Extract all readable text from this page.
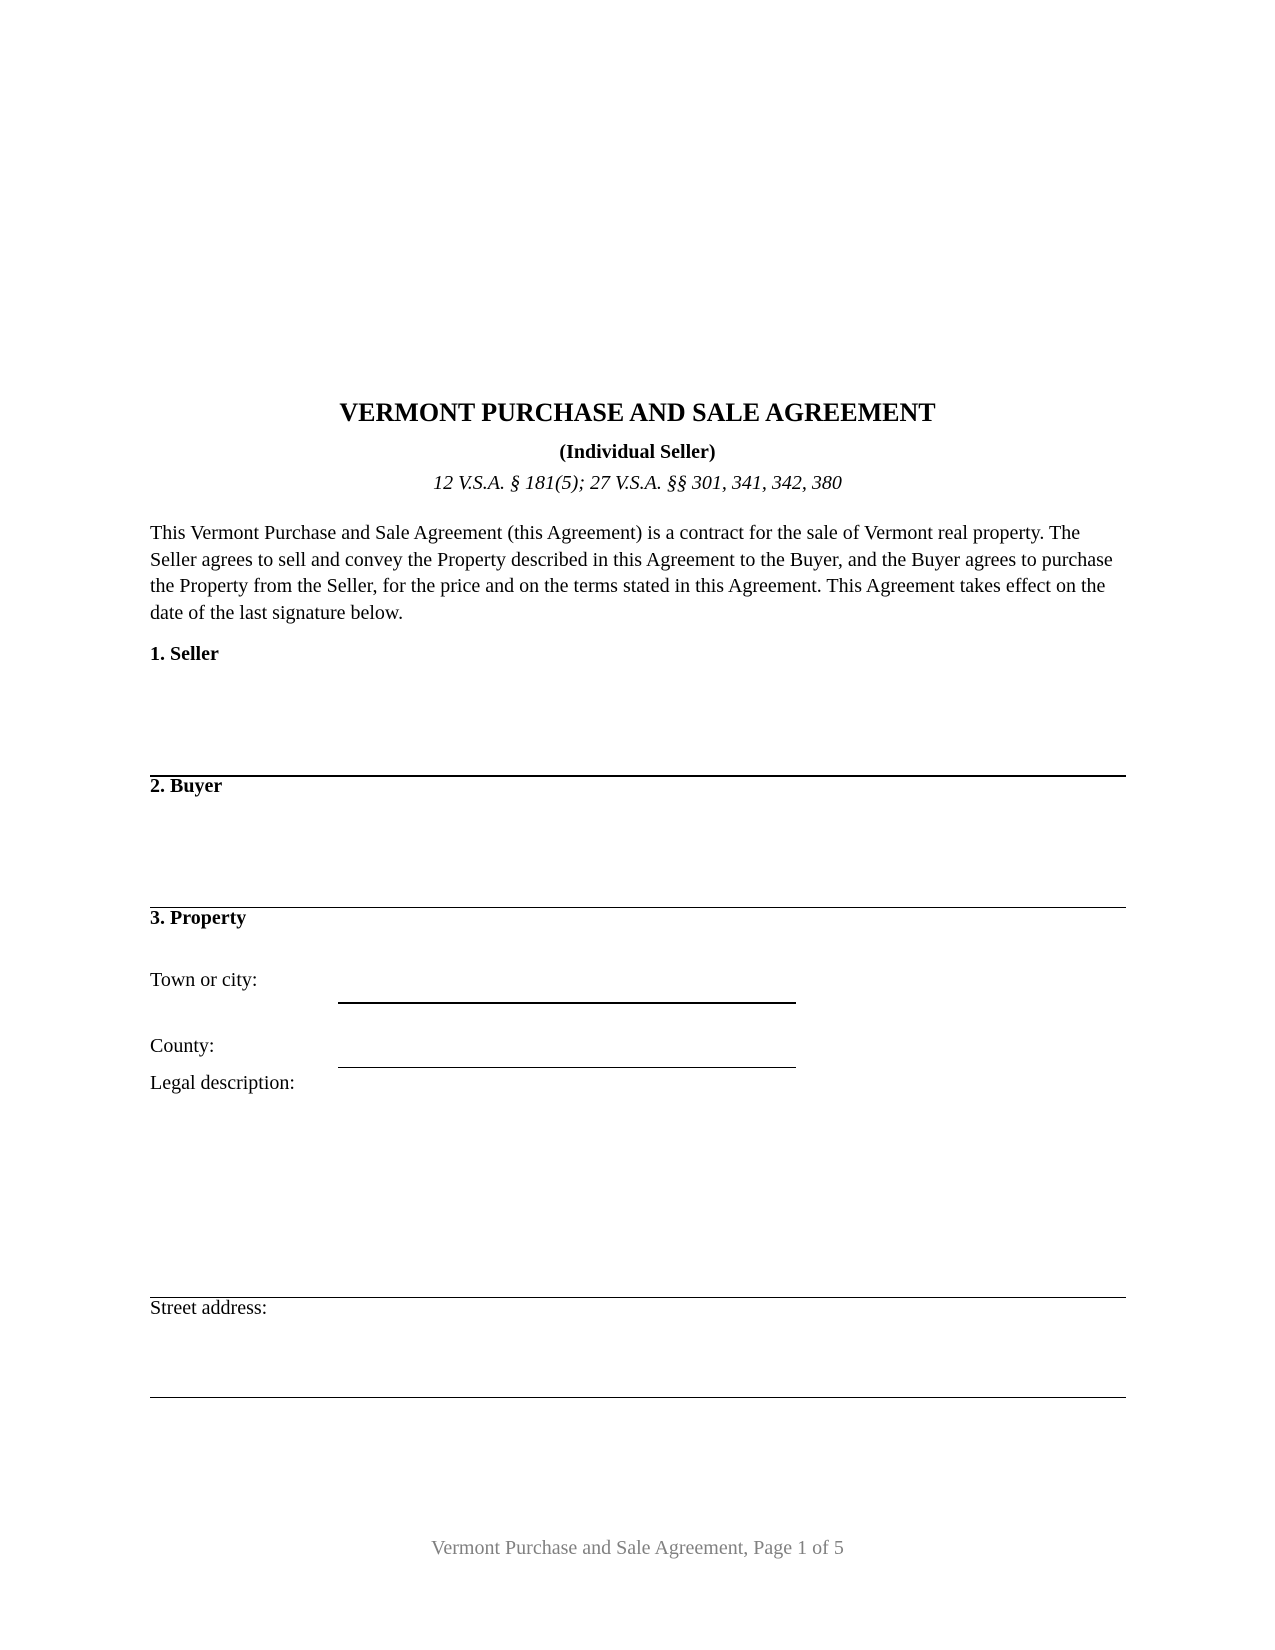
VERMONT PURCHASE AND SALE AGREEMENT
(Individual Seller)
12 V.S.A. § 181(5); 27 V.S.A. §§ 301, 341, 342, 380
This Vermont Purchase and Sale Agreement (this Agreement) is a contract for the sale of Vermont real property. The Seller agrees to sell and convey the Property described in this Agreement to the Buyer, and the Buyer agrees to purchase the Property from the Seller, for the price and on the terms stated in this Agreement. This Agreement takes effect on the date of the last signature below.
1. Seller
2. Buyer
3. Property
Town or city:
County:
Legal description:
Street address:
Vermont Purchase and Sale Agreement, Page 1 of 5
